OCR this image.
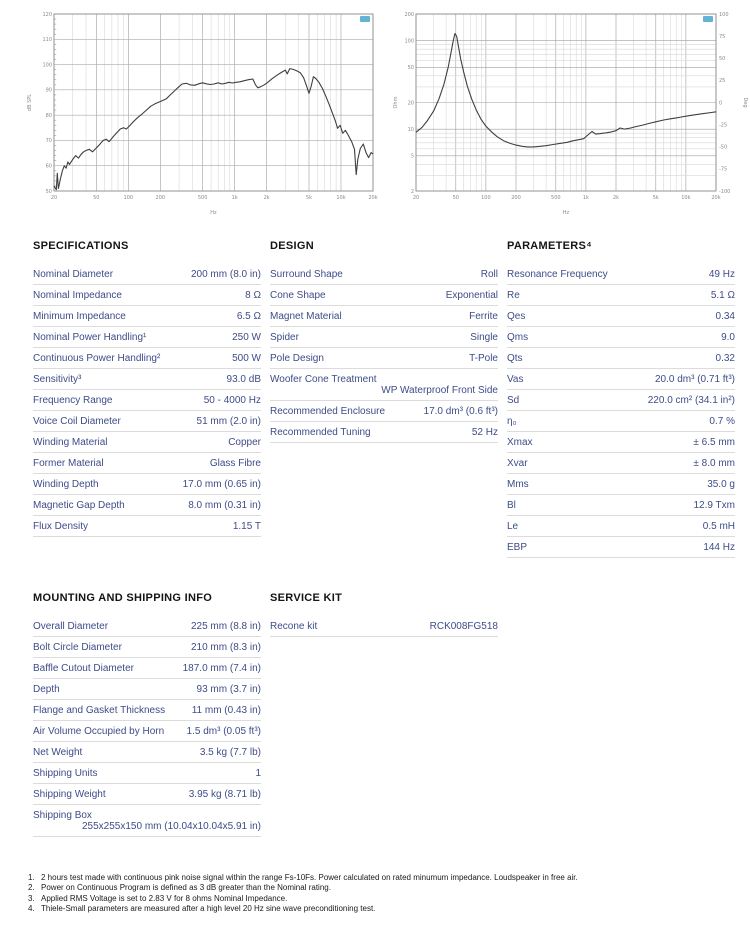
120
110
100
90
80
70
60
50
20	50	100	200	500	1k	2k	5k	10k	20k
Hz
dB SPL
200
100
50
20
10
5
2
20	50	100	200	500	1k	2k	5k	10k	20k
100
75
50
25
0
-25
-50
-75
-100
Deg
Hz
Ohm
SPECIFICATIONS
Nominal Diameter	200 mm (8.0 in)
Nominal Impedance	8 Ω
Minimum Impedance	6.5 Ω
Nominal Power Handling¹	250 W
Continuous Power Handling²	500 W
Sensitivity³	93.0 dB
Frequency Range	50 - 4000 Hz
Voice Coil Diameter	51 mm (2.0 in)
Winding Material	Copper
Former Material	Glass Fibre
Winding Depth	17.0 mm (0.65 in)
Magnetic Gap Depth	8.0 mm (0.31 in)
Flux Density	1.15 T
DESIGN
Surround Shape	Roll
Cone Shape	Exponential
Magnet Material	Ferrite
Spider	Single
Pole Design	T-Pole
Woofer Cone Treatment
WP Waterproof Front Side
Recommended Enclosure	17.0 dm³ (0.6 ft³)
Recommended Tuning	52 Hz
PARAMETERS⁴
Resonance Frequency	49 Hz
Re	5.1 Ω
Qes	0.34
Qms	9.0
Qts	0.32
Vas	20.0 dm³ (0.71 ft³)
Sd	220.0 cm² (34.1 in²)
η₀	0.7 %
Xmax	± 6.5 mm
Xvar	± 8.0 mm
Mms	35.0 g
Bl	12.9 Txm
Le	0.5 mH
EBP	144 Hz
MOUNTING AND SHIPPING INFO
Overall Diameter	225 mm (8.8 in)
Bolt Circle Diameter	210 mm (8.3 in)
Baffle Cutout Diameter	187.0 mm (7.4 in)
Depth	93 mm (3.7 in)
Flange and Gasket Thickness	11 mm (0.43 in)
Air Volume Occupied by Horn 1.5 dm³ (0.05 ft³)
Net Weight	3.5 kg (7.7 lb)
Shipping Units	1
Shipping Weight	3.95 kg (8.71 lb)
Shipping Box
255x255x150 mm (10.04x10.04x5.91 in)
SERVICE KIT
Recone kit	RCK008FG518
1. 2 hours test made with continuous pink noise signal within the range Fs-10Fs. Power calculated on rated minumum impedance. Loudspeaker in free air.
2. Power on Continuous Program is defined as 3 dB greater than the Nominal rating.
3. Applied RMS Voltage is set to 2.83 V for 8 ohms Nominal Impedance.
4. Thiele-Small parameters are measured after a high level 20 Hz sine wave preconditioning test.
